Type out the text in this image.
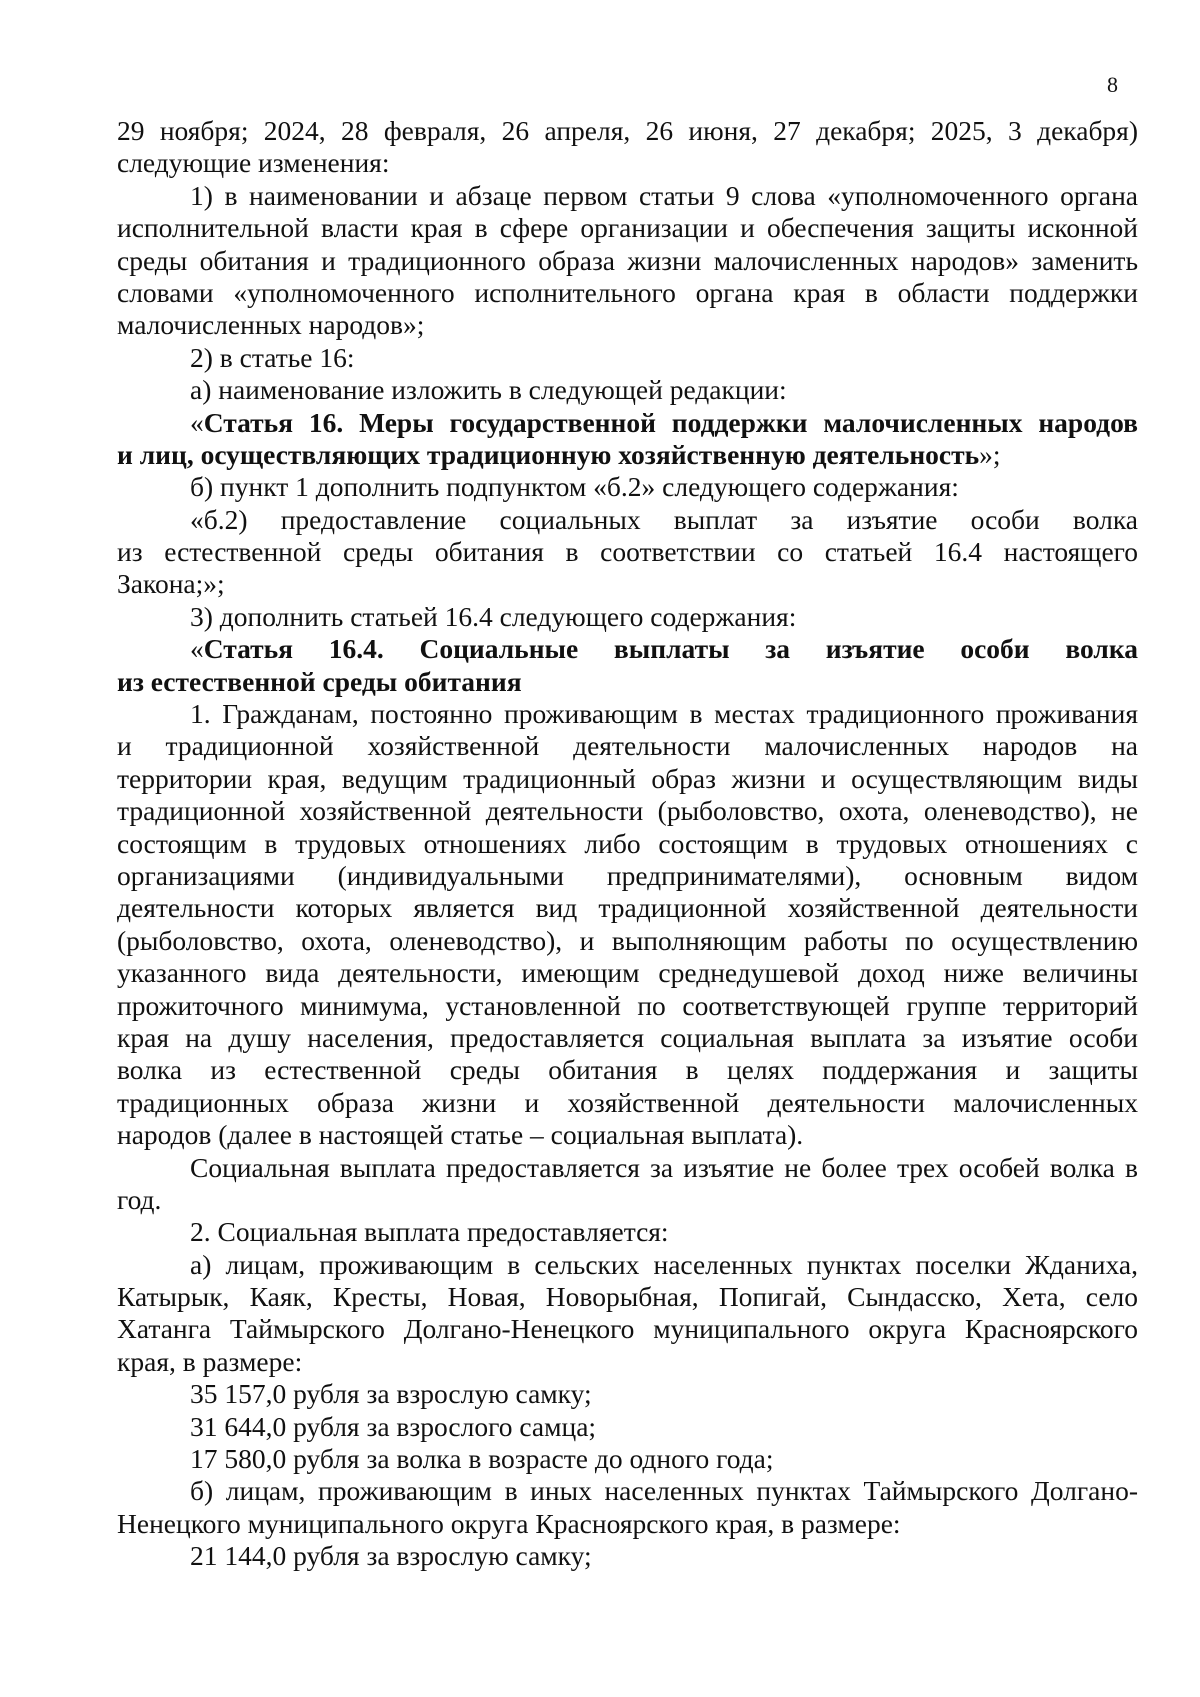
8
29 ноября; 2024, 28 февраля, 26 апреля, 26 июня, 27 декабря; 2025, 3 декабря)
следующие изменения:
1) в наименовании и абзаце первом статьи 9 слова «уполномоченного органа
исполнительной власти края в сфере организации и обеспечения защиты исконной
среды обитания и традиционного образа жизни малочисленных народов» заменить
словами «уполномоченного исполнительного органа края в области поддержки
малочисленных народов»;
2) в статье 16:
а) наименование изложить в следующей редакции:
«Статья 16. Меры государственной поддержки малочисленных народов
и лиц, осуществляющих традиционную хозяйственную деятельность»;
б) пункт 1 дополнить подпунктом «б.2» следующего содержания:
«б.2) предоставление социальных выплат за изъятие особи волка
из естественной среды обитания в соответствии со статьей 16.4 настоящего
Закона;»;
3) дополнить статьей 16.4 следующего содержания:
«Статья 16.4. Социальные выплаты за изъятие особи волка
из естественной среды обитания
1. Гражданам, постоянно проживающим в местах традиционного проживания
и традиционной хозяйственной деятельности малочисленных народов на
территории края, ведущим традиционный образ жизни и осуществляющим виды
традиционной хозяйственной деятельности (рыболовство, охота, оленеводство), не
состоящим в трудовых отношениях либо состоящим в трудовых отношениях с
организациями (индивидуальными предпринимателями), основным видом
деятельности которых является вид традиционной хозяйственной деятельности
(рыболовство, охота, оленеводство), и выполняющим работы по осуществлению
указанного вида деятельности, имеющим среднедушевой доход ниже величины
прожиточного минимума, установленной по соответствующей группе территорий
края на душу населения, предоставляется социальная выплата за изъятие особи
волка из естественной среды обитания в целях поддержания и защиты
традиционных образа жизни и хозяйственной деятельности малочисленных
народов (далее в настоящей статье – социальная выплата).
Социальная выплата предоставляется за изъятие не более трех особей волка в
год.
2. Социальная выплата предоставляется:
а) лицам, проживающим в сельских населенных пунктах поселки Жданиха,
Катырык, Каяк, Кресты, Новая, Новорыбная, Попигай, Сындасско, Хета, село
Хатанга Таймырского Долгано-Ненецкого муниципального округа Красноярского
края, в размере:
35 157,0 рубля за взрослую самку;
31 644,0 рубля за взрослого самца;
17 580,0 рубля за волка в возрасте до одного года;
б) лицам, проживающим в иных населенных пунктах Таймырского Долгано-
Ненецкого муниципального округа Красноярского края, в размере:
21 144,0 рубля за взрослую самку;
